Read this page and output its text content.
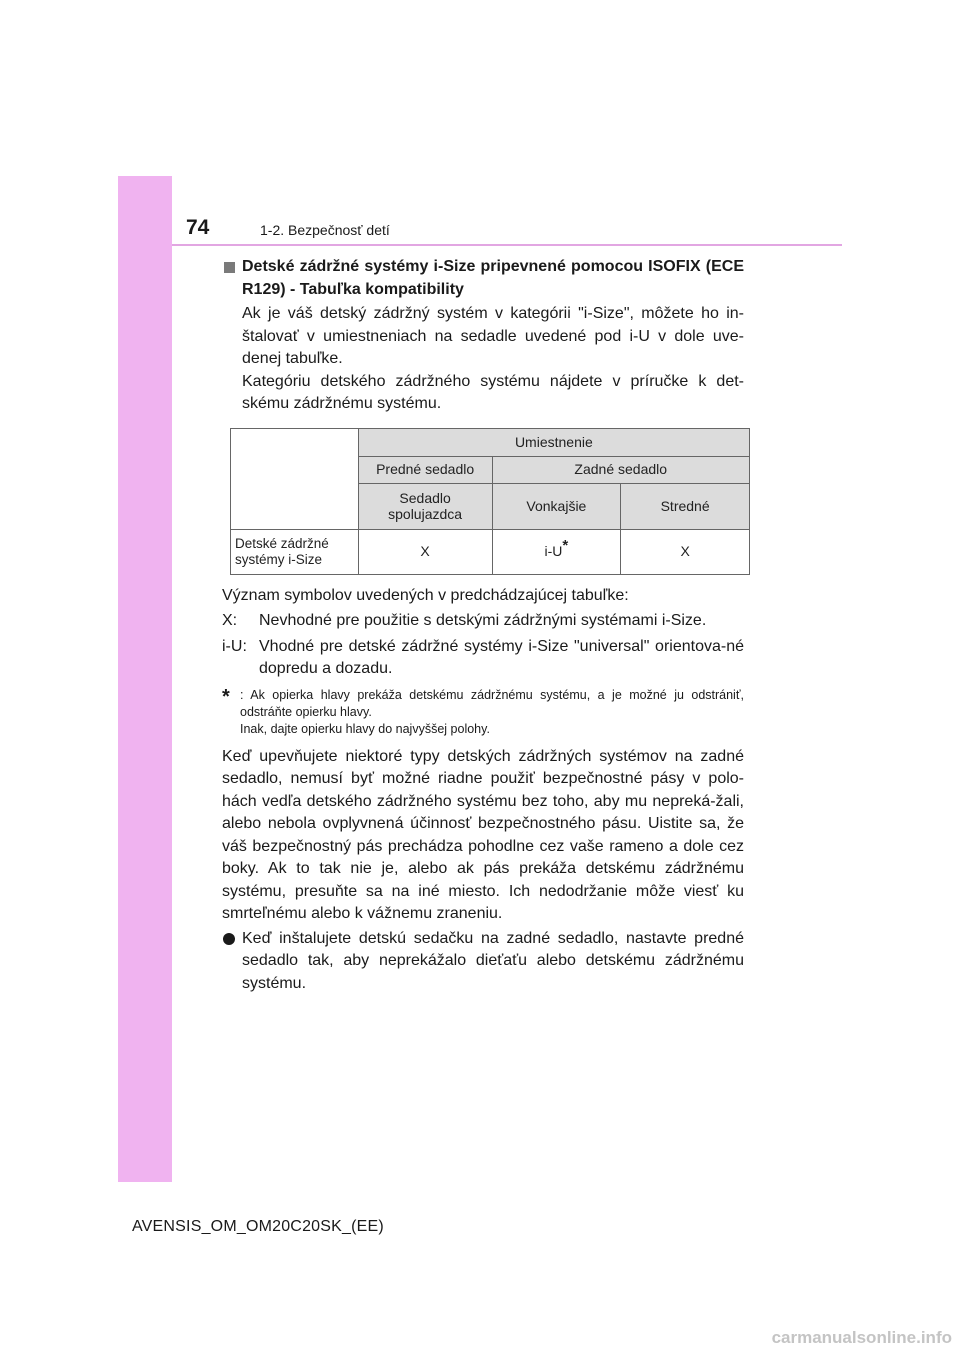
74	1-2. Bezpečnosť detí
Detské zádržné systémy i-Size pripevnené pomocou ISOFIX (ECE R129) - Tabuľka kompatibility

Ak je váš detský zádržný systém v kategórii "i-Size", môžete ho in-štalovať v umiestneniach na sedadle uvedené pod i-U v dole uve-denej tabuľke.

Kategóriu detského zádržného systému nájdete v príručke k det-skému zádržnému systému.

	Umiestnenie		
	Predné sedadlo	Zadné sedadlo	
	Sedadlo spolujazdca	Vonkajšie	Stredné
Detské zádržné systémy i-Size	X	i-U*	X
Význam symbolov uvedených v predchádzajúcej tabuľke:
X:	Nevhodné pre použitie s detskými zádržnými systémami i-Size.
i-U: Vhodné pre detské zádržné systémy i-Size "universal" orientova-né dopredu a dozadu.
* : Ak opierka hlavy prekáža detskému zádržnému systému, a je možné ju odstrániť, odstráňte opierku hlavy.
Inak, dajte opierku hlavy do najvyššej polohy.

Keď upevňujete niektoré typy detských zádržných systémov na zadné sedadlo, nemusí byť možné riadne použiť bezpečnostné pásy v polo-hách vedľa detského zádržného systému bez toho, aby mu nepreká-žali, alebo nebola ovplyvnená účinnosť bezpečnostného pásu. Uistite sa, že váš bezpečnostný pás prechádza pohodlne cez vaše rameno a dole cez boky. Ak to tak nie je, alebo ak pás prekáža detskému zádržnému systému, presuňte sa na iné miesto. Ich nedodržanie môže viesť ku smrteľnému alebo k vážnemu zraneniu.

Keď inštalujete detskú sedačku na zadné sedadlo, nastavte predné sedadlo tak, aby neprekážalo dieťaťu alebo detskému zádržnému systému.
AVENSIS_OM_OM20C20SK_(EE)
carmanualsonline.info
